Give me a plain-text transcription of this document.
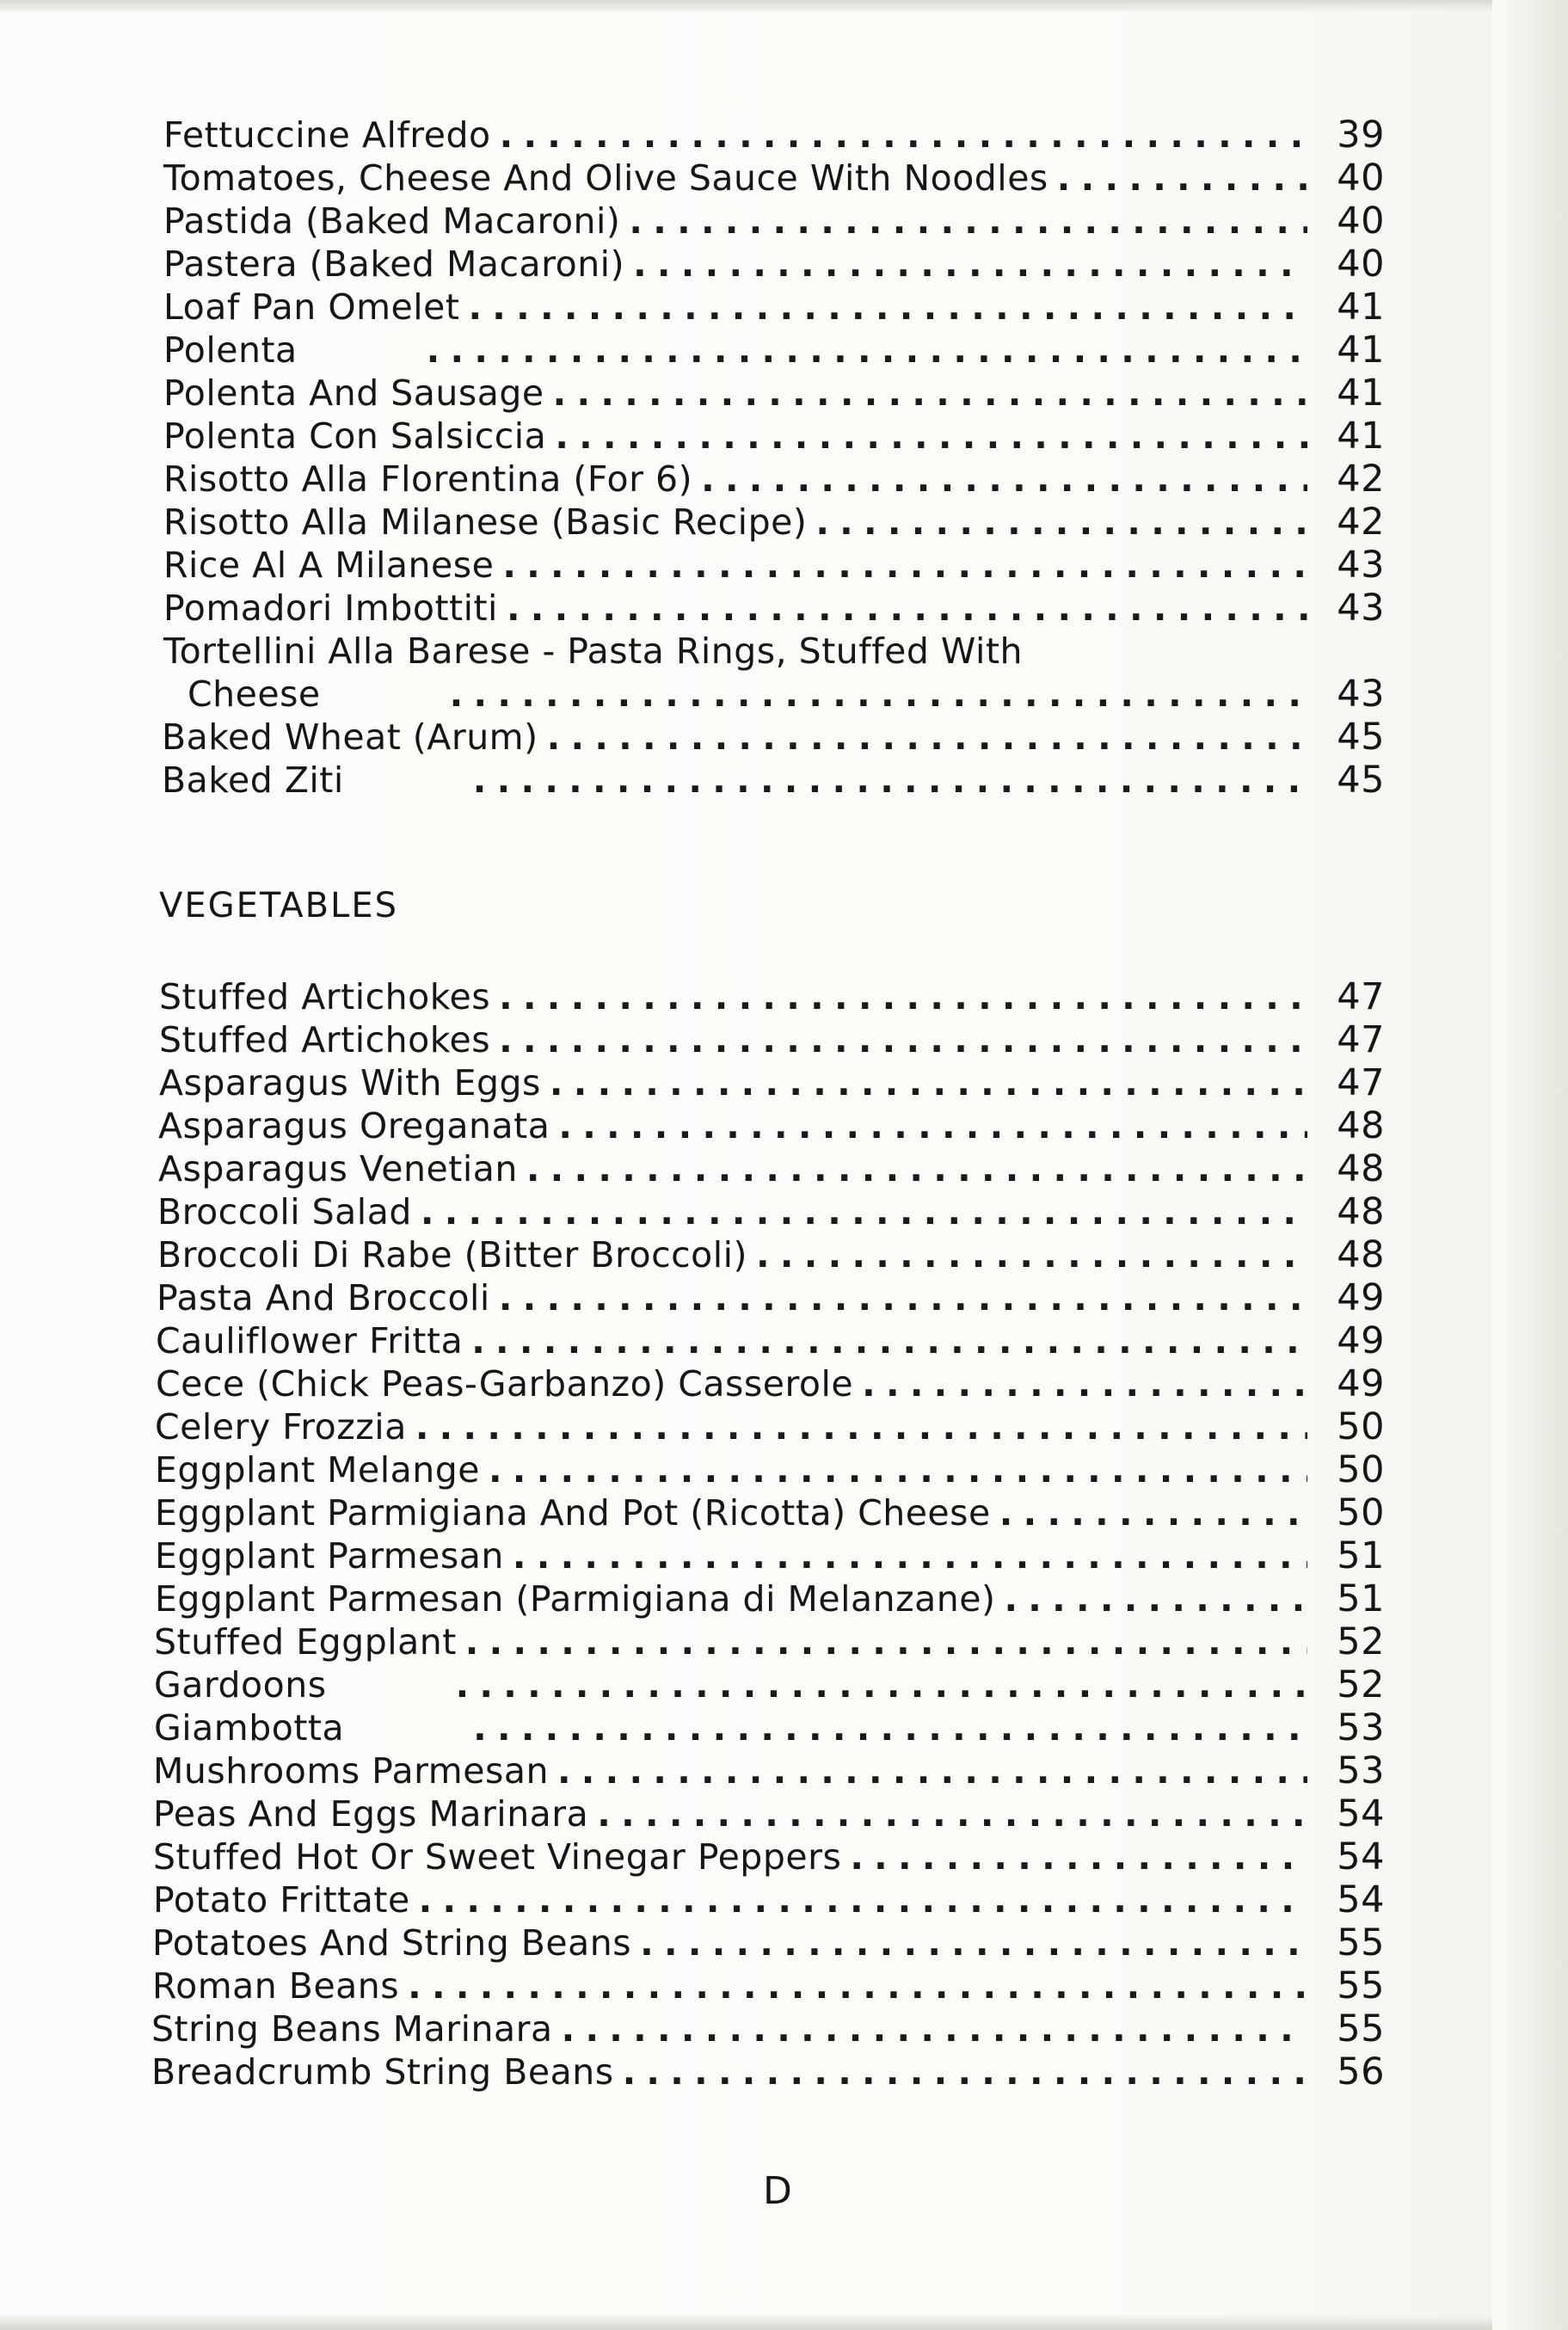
Fettuccine Alfredo . . .	39
Tomatoes, Cheese And Olive Sauce With Noodles . . .	40
Pastida (Baked Macaroni) . . .	40
Pastera (Baked Macaroni) . . .	40
Loaf Pan Omelet . . .	41
Polenta . . .	41
Polenta And Sausage . . .	41
Polenta Con Salsiccia . . .	41
Risotto Alla Florentina (For 6) . . .	42
Risotto Alla Milanese (Basic Recipe) . . .	42
Rice Al A Milanese . . .	43
Pomadori Imbottiti . . .	43
Tortellini Alla Barese - Pasta Rings, Stuffed With
Cheese . . .	43
Baked Wheat (Arum) . . .	45
Baked Ziti . . .	45
VEGETABLES
Stuffed Artichokes . . .	47
Stuffed Artichokes . . .	47
Asparagus With Eggs . . .	47
Asparagus Oreganata . . .	48
Asparagus Venetian . . .	48
Broccoli Salad . . .	48
Broccoli Di Rabe (Bitter Broccoli) . . .	48
Pasta And Broccoli . . .	49
Cauliflower Fritta . . .	49
Cece (Chick Peas-Garbanzo) Casserole . . .	49
Celery Frozzia . . .	50
Eggplant Melange . . .	50
Eggplant Parmigiana And Pot (Ricotta) Cheese . . .	50
Eggplant Parmesan . . .	51
Eggplant Parmesan (Parmigiana di Melanzane) . . .	51
Stuffed Eggplant . . .	52
Gardoons . . .	52
Giambotta . . .	53
Mushrooms Parmesan . . .	53
Peas And Eggs Marinara . . .	54
Stuffed Hot Or Sweet Vinegar Peppers . . .	54
Potato Frittate . . .	54
Potatoes And String Beans . . .	55
Roman Beans . . .	55
String Beans Marinara . . .	55
Breadcrumb String Beans . . .	56
D
